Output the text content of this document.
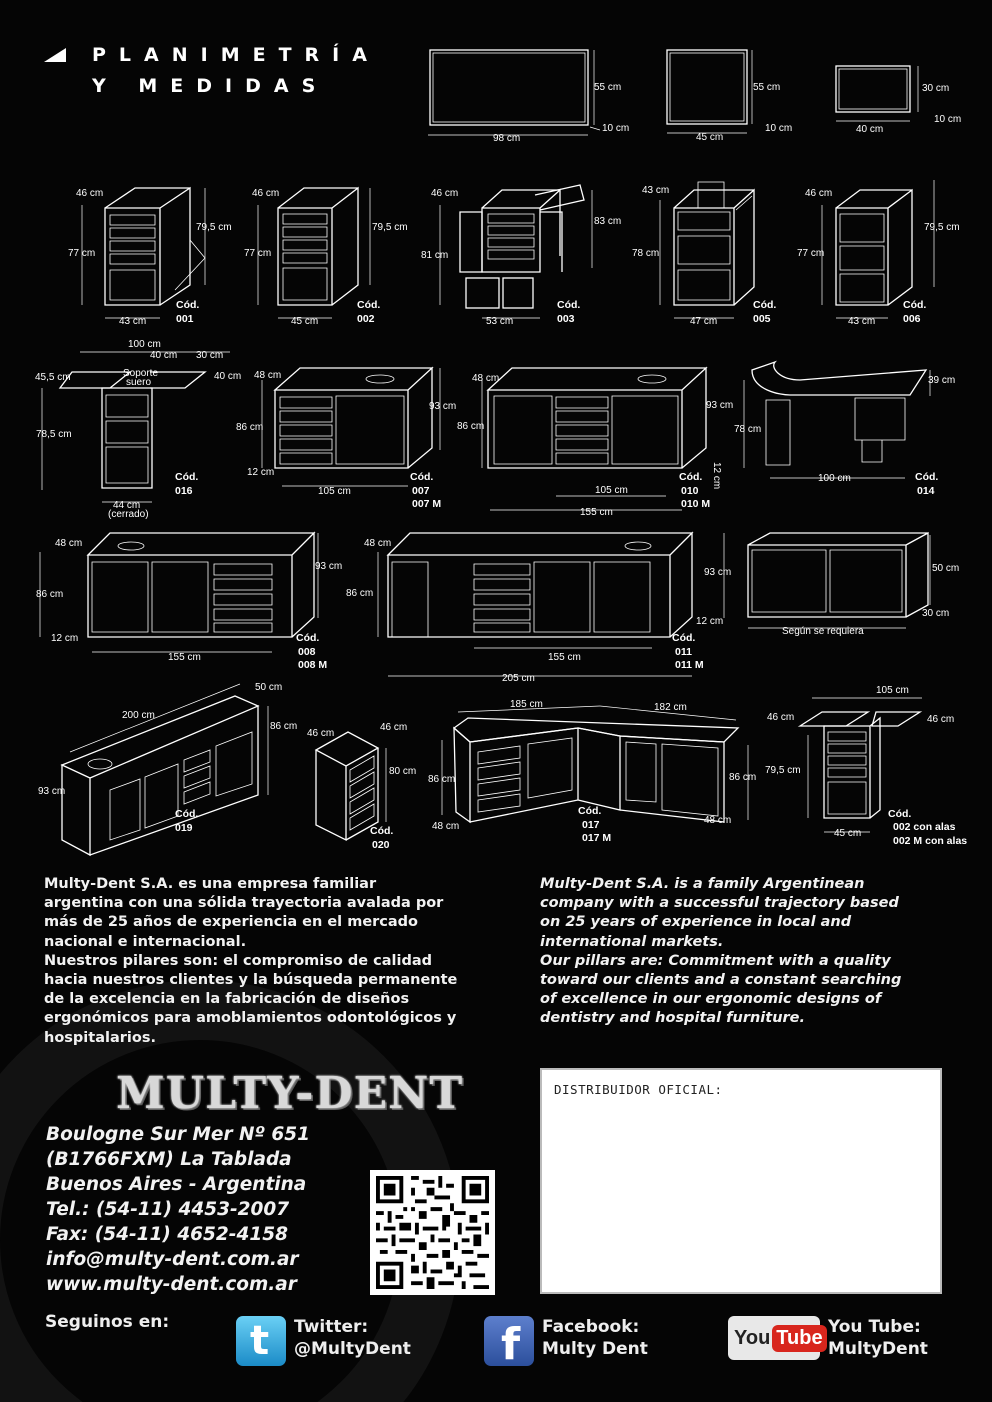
PLANIMETRÍA
Y MEDIDAS
98 cm
55 cm
10 cm
45 cm
55 cm
10 cm	40 cm
30 cm
10 cm
46 cm
77 cm
79,5 cm
43 cm
Cód.
001
46 cm
77 cm
79,5 cm
45 cm
Cód.
002
46 cm
81 cm
83 cm
53 cm
Cód.
003
43 cm
78 cm
47 cm
Cód.
005
46 cm
77 cm
79,5 cm
43 cm
Cód.
006
100 cm
40 cm 30 cm
45,5 cm	40 cm
Soporte
suero
78,5 cm
44 cm
(cerrado)
Cód.
016
48 cm
86 cm
93 cm
12 cm
105 cm
Cód.
007
007 M
48 cm
86 cm
93 cm
105 cm
155 cm
12 cm
Cód.
010
010 M
39 cm
78 cm
100 cm	Cód.
014
48 cm
86 cm
93 cm
12 cm
155 cm
Cód.
008
008 M
48 cm
86 cm
93 cm
12 cm
155 cm
205 cm
Cód.
011
011 M
50 cm
30 cm
Según se requiera
200 cm
50 cm
86 cm
93 cm
Cód.
019
46 cm
46 cm
80 cm
Cód.
020
185 cm	182 cm
86 cm	86 cm
48 cm
48 cm
Cód.
017
017 M
105 cm
46 cm	46 cm
79,5 cm
45 cm
Cód.
002 con alas
002 M con alas
Multy-Dent S.A. es una empresa familiar
argentina con una sólida trayectoria avalada por
más de 25 años de experiencia en el mercado
nacional e internacional.
Nuestros pilares son: el compromiso de calidad
hacia nuestros clientes y la búsqueda permanente
de la excelencia en la fabricación de diseños
ergonómicos para amoblamientos odontológicos y
hospitalarios.
Multy-Dent S.A. is a family Argentinean
company with a successful trajectory based
on 25 years of experience in local and
international markets.
Our pillars are: Commitment with a quality
toward our clients and a constant searching
of excellence in our ergonomic designs of
dentistry and hospital furniture.
MULTY-DENT
Boulogne Sur Mer Nº 651
(B1766FXM) La Tablada
Buenos Aires - Argentina
Tel.: (54-11) 4453-2007
Fax: (54-11) 4652-4158
info@multy-dent.com.ar
www.multy-dent.com.ar
DISTRIBUIDOR OFICIAL:
Seguinos en:
t	Twitter:
@MultyDent
f
Facebook:
Multy Dent
You Tube You Tube:
MultyDent
